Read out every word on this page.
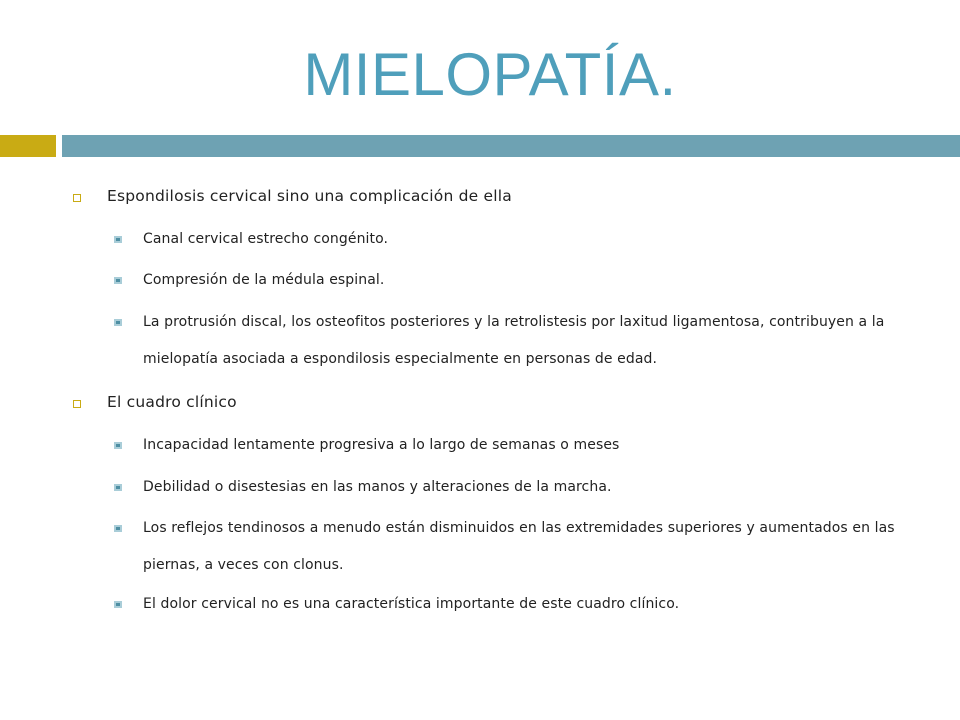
MIELOPATÍA.
Espondilosis cervical sino una complicación de ella
Canal cervical estrecho congénito.
Compresión de la médula espinal.
La protrusión discal, los osteofitos posteriores y la retrolistesis por laxitud ligamentosa, contribuyen a la mielopatía asociada a espondilosis especialmente en personas de edad.
El cuadro clínico
Incapacidad lentamente progresiva a lo largo de semanas o meses
Debilidad o disestesias en las manos y alteraciones de la marcha.
Los reflejos tendinosos a menudo están disminuidos en las extremidades superiores y aumentados en las piernas, a veces con clonus.
El dolor cervical no es una característica importante de este cuadro clínico.
